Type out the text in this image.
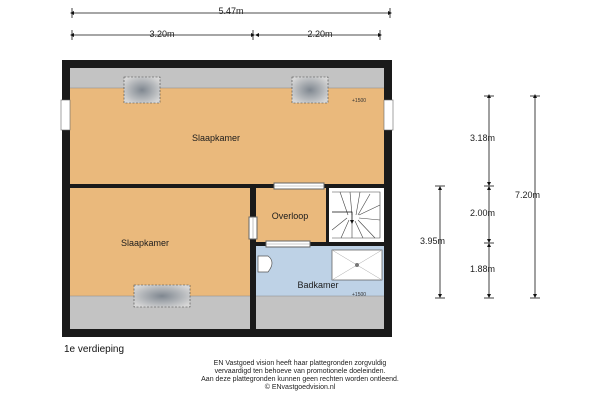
5.47m
3.20m	2.20m
+1500
+1500
Slaapkamer
Slaapkamer
Overloop
Badkamer
3.18m
2.00m
1.88m
7.20m
3.95m
1e verdieping
EN Vastgoed vision heeft haar plattegronden zorgvuldig
vervaardigd ten behoeve van promotionele doeleinden.
Aan deze plattegronden kunnen geen rechten worden ontleend.
© ENvastgoedvision.nl
